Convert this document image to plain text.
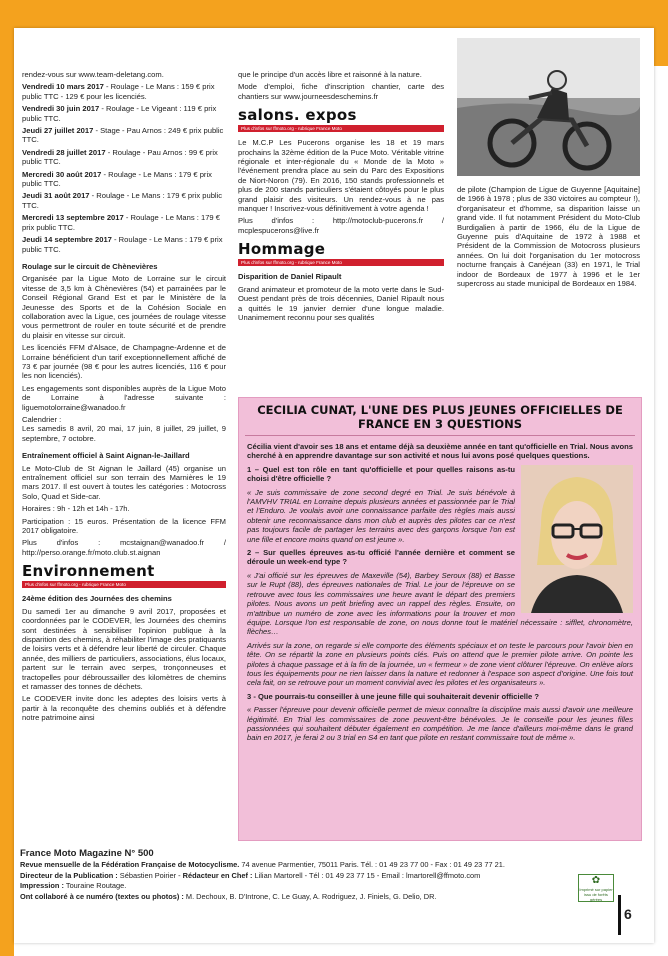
rendez-vous sur www.team-deletang.com.

Vendredi 10 mars 2017 - Roulage - Le Mans : 159 € prix public TTC - 129 € pour les licenciés.

Vendredi 30 juin 2017 - Roulage - Le Vigeant : 119 € prix public TTC.

Jeudi 27 juillet 2017 - Stage - Pau Arnos : 249 € prix public TTC.

Vendredi 28 juillet 2017 - Roulage - Pau Arnos : 99 € prix public TTC.

Mercredi 30 août 2017 - Roulage - Le Mans : 179 € prix public TTC.

Jeudi 31 août 2017 - Roulage - Le Mans : 179 € prix public TTC.

Mercredi 13 septembre 2017 - Roulage - Le Mans : 179 € prix public TTC.

Jeudi 14 septembre 2017 - Roulage - Le Mans : 179 € prix public TTC.

Roulage sur le circuit de Chènevières

Organisée par la Ligue Moto de Lorraine sur le circuit vitesse de 3,5 km à Chènevières (54) et parrainées par le Conseil Régional Grand Est et par le Ministère de la Jeunesse des Sports et de la Cohésion Sociale en collaboration avec la Ligue, ces journées de roulage vitesse vous permettront de rouler en toute sécurité et de prendre du plaisir en vitesse sur circuit.

Les licenciés FFM d'Alsace, de Champagne-Ardenne et de Lorraine bénéficient d'un tarif exceptionnellement affiché de 73 € par journée (98 € pour les autres licenciés, 116 € pour les non licenciés).

Les engagements sont disponibles auprès de la Ligue Moto de Lorraine à l'adresse suivante : liguemotolorraine@wanadoo.fr

Calendrier :

Les samedis 8 avril, 20 mai, 17 juin, 8 juillet, 29 juillet, 9 septembre, 7 octobre.

Entraînement officiel à Saint Aignan-le-Jaillard

Le Moto-Club de St Aignan le Jaillard (45) organise un entraînement officiel sur son terrain des Marnières le 19 mars 2017. Il est ouvert à toutes les catégories : Motocross Solo, Quad et Side-car.

Horaires : 9h - 12h et 14h - 17h.

Participation : 15 euros. Présentation de la licence FFM 2017 obligatoire.

Plus d'infos : mcstaignan@wanadoo.fr / http://perso.orange.fr/moto.club.st.aignan

Environnement
Plus d'infos sur ffmoto.org - rubrique France Moto

24ème édition des Journées des chemins

Du samedi 1er au dimanche 9 avril 2017, proposées et coordonnées par le CODEVER, les Journées des chemins sont destinées à sensibiliser l'opinion publique à la disparition des chemins, à réhabiliter l'image des pratiquants de loisirs verts et à défendre leur liberté de circuler. Chaque année, des milliers de particuliers, associations, élus locaux, partent sur le terrain avec serpes, tronçonneuses et tractopelles pour débroussailler des kilomètres de chemins et ramasser des tonnes de déchets.

Le CODEVER invite donc les adeptes des loisirs verts à partir à la reconquête des chemins oubliés et à défendre notre patrimoine ainsi

que le principe d'un accès libre et raisonné à la nature.

Mode d'emploi, fiche d'inscription chantier, carte des chantiers sur www.journeesdeschemins.fr

salons. expos
Plus d'infos sur ffmoto.org - rubrique France Moto

Le M.C.P Les Pucerons organise les 18 et 19 mars prochains la 32ème édition de la Puce Moto. Véritable vitrine régionale et inter-régionale du « Monde de la Moto » l'événement prendra place au sein du Parc des Expositions de Niort-Noron (79). En 2016, 150 stands professionnels et plus de 200 stands particuliers s'étaient côtoyés pour le plus grand plaisir des visiteurs. Un rendez-vous à ne pas manquer ! Inscrivez-vous définitivement à votre agenda !

Plus d'infos : http://motoclub-pucerons.fr / mcplespucerons@live.fr

Hommage
Plus d'infos sur ffmoto.org - rubrique France Moto

Disparition de Daniel Ripault

Grand animateur et promoteur de la moto verte dans le Sud-Ouest pendant près de trois décennies, Daniel Ripault nous a quittés le 19 janvier dernier d'une longue maladie. Unanimement reconnu pour ses qualités

de pilote (Champion de Ligue de Guyenne [Aquitaine] de 1966 à 1978 ; plus de 330 victoires au compteur !), d'organisateur et d'homme, sa disparition laisse un grand vide. Il fut notamment Président du Moto-Club Burdigalien à partir de 1966, élu de la Ligue de Guyenne puis d'Aquitaine de 1972 à 1988 et Président de la Commission de Motocross plusieurs années. On lui doit l'organisation du 1er motocross nocturne français à Canéjean (33) en 1971, le Trial indoor de Bordeaux de 1977 à 1996 et le 1er supercross au stade municipal de Bordeaux en 1984.

CECILIA CUNAT, L'UNE DES PLUS JEUNES OFFICIELLES DE FRANCE EN 3 QUESTIONS

Cécilia vient d'avoir ses 18 ans et entame déjà sa deuxième année en tant qu'officielle en Trial. Nous avons cherché à en apprendre davantage sur son activité et nous lui avons posé quelques questions.

1 – Quel est ton rôle en tant qu'officielle et pour quelles raisons as-tu choisi d'être officielle ?

« Je suis commissaire de zone second degré en Trial. Je suis bénévole à l'AMVHV TRIAL en Lorraine depuis plusieurs années et passionnée par le Trial et l'Enduro. Je voulais avoir une connaissance parfaite des règles mais aussi obtenir une reconnaissance dans mon club et auprès des pilotes car ce n'est pas toujours facile de partager les terrains avec des garçons lorsque l'on est une fille et encore moins quand on est jeune ».

2 – Sur quelles épreuves as-tu officié l'année dernière et comment se déroule un week-end type ?

« J'ai officié sur les épreuves de Maxeville (54), Barbey Seroux (88) et Basse sur le Rupt (88), des épreuves nationales de Trial. Le jour de l'épreuve on se retrouve avec tous les commissaires une heure avant le départ des premiers pilotes. Nous avons un petit briefing avec un rappel des règles. Ensuite, on m'attribue un numéro de zone avec les informations pour la trouver et mon équipe. Lorsque l'on est responsable de zone, on nous donne tout le matériel nécessaire : sifflet, chronomètre, flèches…

Arrivés sur la zone, on regarde si elle comporte des éléments spéciaux et on teste le parcours pour l'avoir bien en tête. On se répartit la zone en plusieurs points clés. Puis on attend que le premier pilote arrive. On pointe les pilotes à chaque passage et à la fin de la journée, un « fermeur » de zone vient clôturer l'épreuve. On enlève alors tous les équipements pour ne rien laisser dans la nature et redonner à l'espace son aspect d'origine. Une fois tout cela fait, on se retrouve pour un moment convivial avec les pilotes et les organisateurs ».

3 - Que pourrais-tu conseiller à une jeune fille qui souhaiterait devenir officielle ?

« Passer l'épreuve pour devenir officielle permet de mieux connaître la discipline mais aussi d'avoir une meilleure légitimité. En Trial les commissaires de zone peuvent-être bénévoles. Je le conseille pour les jeunes filles passionnées qui souhaitent débuter également en compétition. Je me lance d'ailleurs moi-même dans le grand bain en 2017, je ferai 2 ou 3 trial en S4 en tant que pilote en restant commissaire tout de même ».

France Moto Magazine N° 500
Revue mensuelle de la Fédération Française de Motocyclisme. 74 avenue Parmentier, 75011 Paris. Tél. : 01 49 23 77 00 - Fax : 01 49 23 77 21.
Directeur de la Publication : Sébastien Poirier - Rédacteur en Chef : Lilian Martorell - Tél : 01 49 23 77 15 - Email : lmartorell@ffmoto.com
Impression : Touraine Routage.
Ont collaboré à ce numéro (textes ou photos) : M. Dechoux, B. D'Introne, C. Le Guay, A. Rodriguez, J. Finiels, G. Delio, DR.
✿
Imprimé sur papier issu de forêts gérées
6
